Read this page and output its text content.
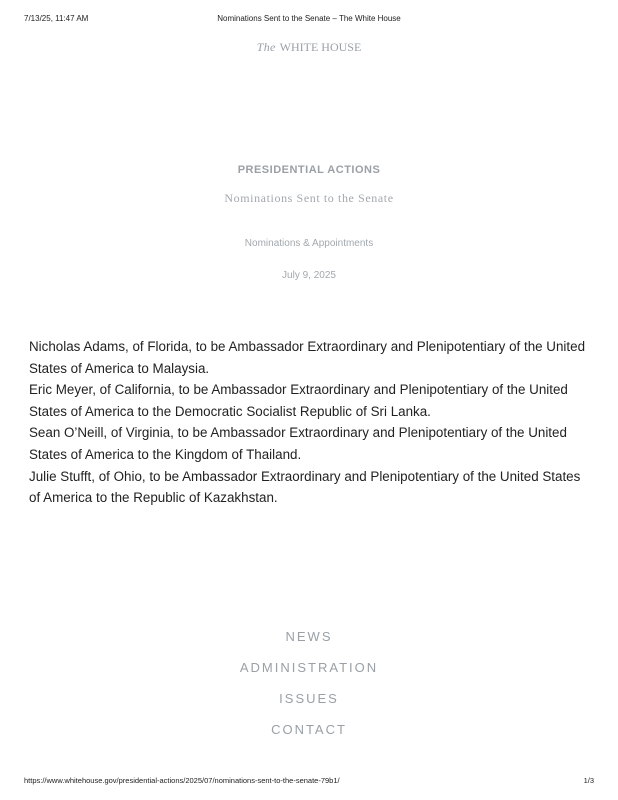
7/13/25, 11:47 AM	Nominations Sent to the Senate – The White House
The WHITE HOUSE
PRESIDENTIAL ACTIONS
Nominations Sent to the Senate
Nominations & Appointments
July 9, 2025

Nicholas Adams, of Florida, to be Ambassador Extraordinary and Plenipotentiary of the United States of America to Malaysia.

Eric Meyer, of California, to be Ambassador Extraordinary and Plenipotentiary of the United States of America to the Democratic Socialist Republic of Sri Lanka.

Sean O’Neill, of Virginia, to be Ambassador Extraordinary and Plenipotentiary of the United States of America to the Kingdom of Thailand.

Julie Stufft, of Ohio, to be Ambassador Extraordinary and Plenipotentiary of the United States of America to the Republic of Kazakhstan.

NEWS
ADMINISTRATION
ISSUES
CONTACT
https://www.whitehouse.gov/presidential-actions/2025/07/nominations-sent-to-the-senate-79b1/	1/3
